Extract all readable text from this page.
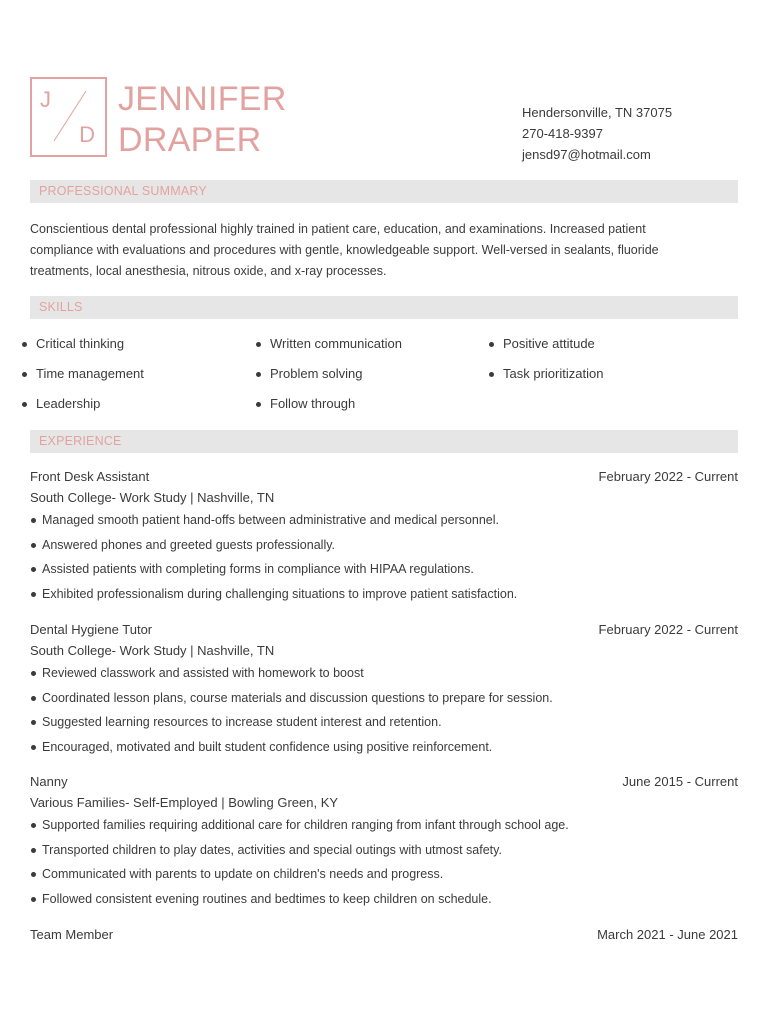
J
D
JENNIFER
DRAPER
Hendersonville, TN 37075
270-418-9397
jensd97@hotmail.com
PROFESSIONAL SUMMARY
Conscientious dental professional highly trained in patient care, education, and examinations. Increased patient
compliance with evaluations and procedures with gentle, knowledgeable support. Well-versed in sealants, fluoride
treatments, local anesthesia, nitrous oxide, and x-ray processes.
SKILLS
Critical thinking	Written communication	Positive attitude
Time management	Problem solving	Task prioritization
Leadership	Follow through
EXPERIENCE
Front Desk Assistant	February 2022 - Current
South College- Work Study | Nashville, TN
Managed smooth patient hand-offs between administrative and medical personnel.
Answered phones and greeted guests professionally.
Assisted patients with completing forms in compliance with HIPAA regulations.
Exhibited professionalism during challenging situations to improve patient satisfaction.
Dental Hygiene Tutor	February 2022 - Current
South College- Work Study | Nashville, TN
Reviewed classwork and assisted with homework to boost
Coordinated lesson plans, course materials and discussion questions to prepare for session.
Suggested learning resources to increase student interest and retention.
Encouraged, motivated and built student confidence using positive reinforcement.
Nanny	June 2015 - Current
Various Families- Self-Employed | Bowling Green, KY
Supported families requiring additional care for children ranging from infant through school age.
Transported children to play dates, activities and special outings with utmost safety.
Communicated with parents to update on children's needs and progress.
Followed consistent evening routines and bedtimes to keep children on schedule.
Team Member	March 2021 - June 2021
